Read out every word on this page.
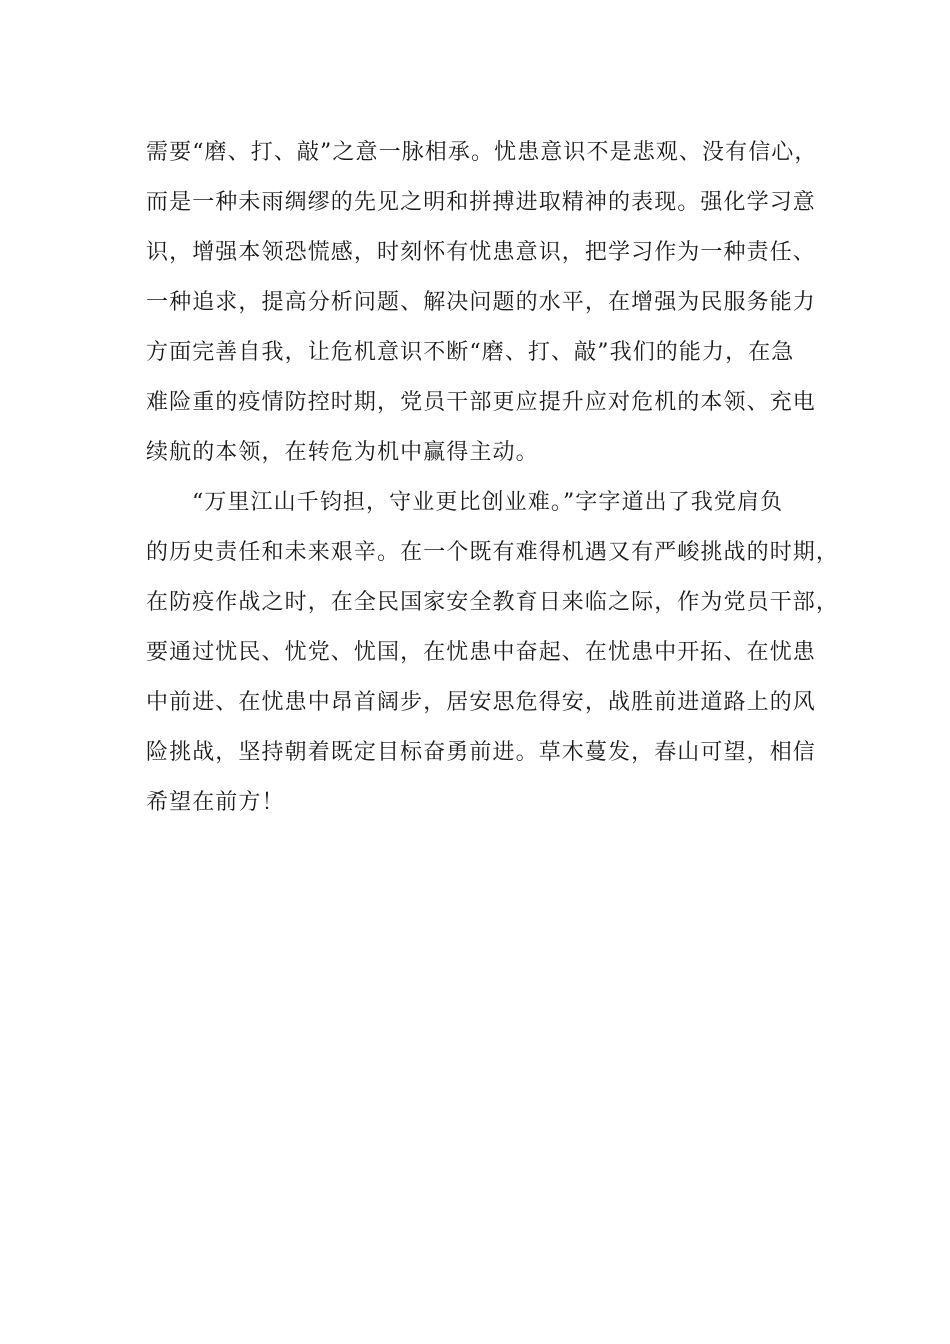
需要“磨、打、敲”之意一脉相承。忧患意识不是悲观、没有信心，
而是一种未雨绸缪的先见之明和拼搏进取精神的表现。强化学习意
识，增强本领恐慌感，时刻怀有忧患意识，把学习作为一种责任、
一种追求，提高分析问题、解决问题的水平，在增强为民服务能力
方面完善自我，让危机意识不断“磨、打、敲”我们的能力，在急
难险重的疫情防控时期，党员干部更应提升应对危机的本领、充电
续航的本领，在转危为机中赢得主动。
“万里江山千钧担，守业更比创业难。”字字道出了我党肩负
的历史责任和未来艰辛。在一个既有难得机遇又有严峻挑战的时期，
在防疫作战之时，在全民国家安全教育日来临之际，作为党员干部，
要通过忧民、忧党、忧国，在忧患中奋起、在忧患中开拓、在忧患
中前进、在忧患中昂首阔步，居安思危得安，战胜前进道路上的风
险挑战，坚持朝着既定目标奋勇前进。草木蔓发，春山可望，相信
希望在前方！
